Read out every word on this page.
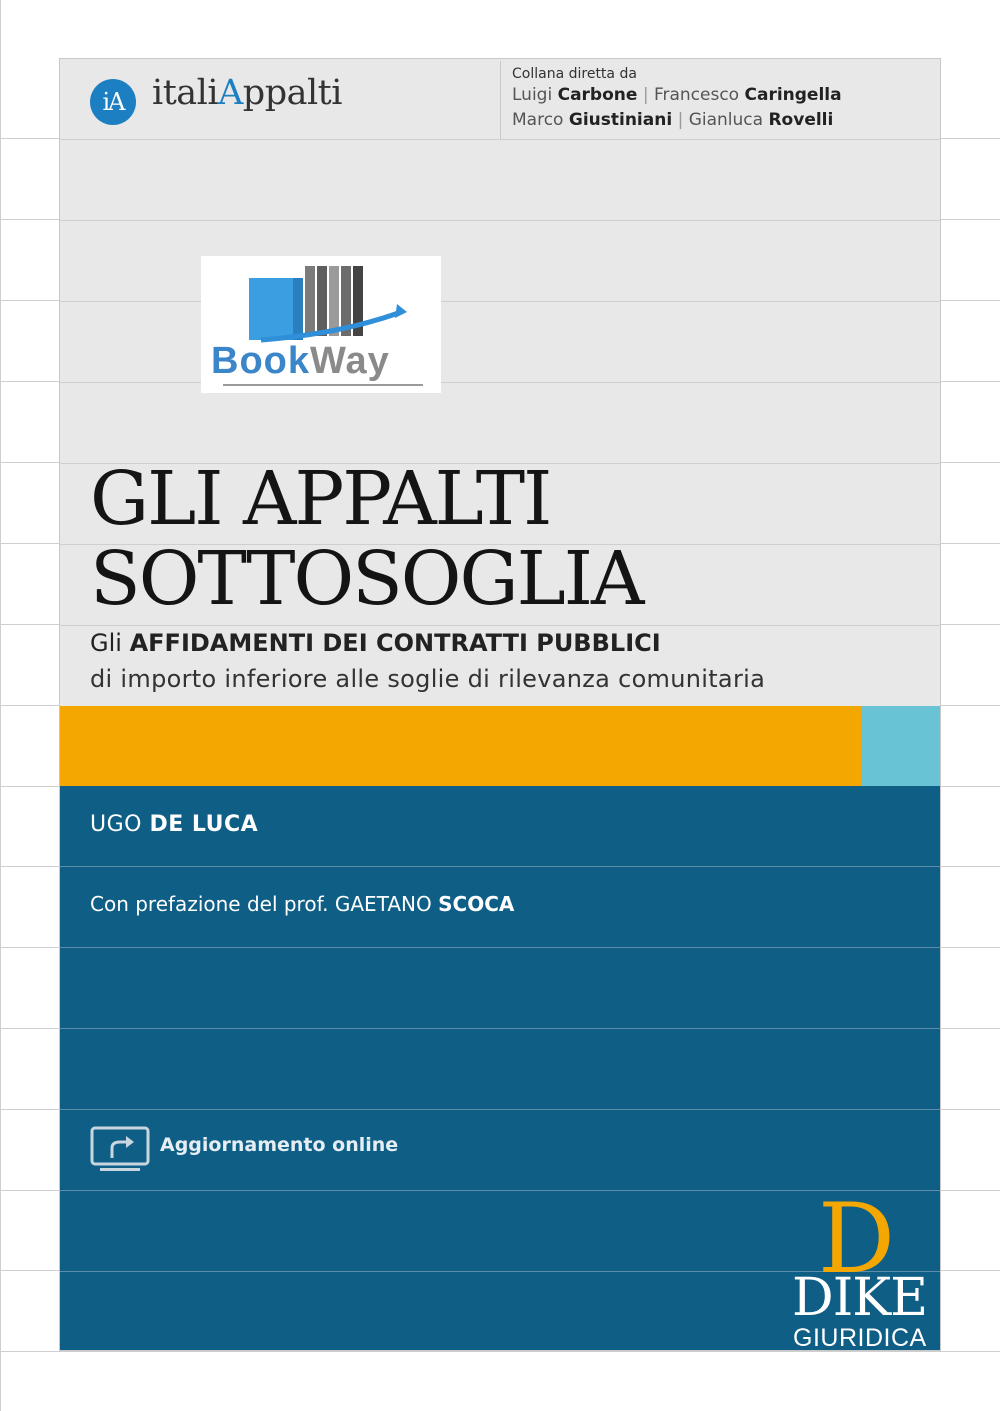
iA italiAppalti	Collana diretta da
Luigi Carbone | Francesco Caringella
Marco Giustiniani | Gianluca Rovelli
BookWay
GLI APPALTI
SOTTOSOGLIA
Gli AFFIDAMENTI DEI CONTRATTI PUBBLICI
di importo inferiore alle soglie di rilevanza comunitaria
UGO DE LUCA
Con prefazione del prof. GAETANO SCOCA
Aggiornamento online
D
DIKE
GIURIDICA
